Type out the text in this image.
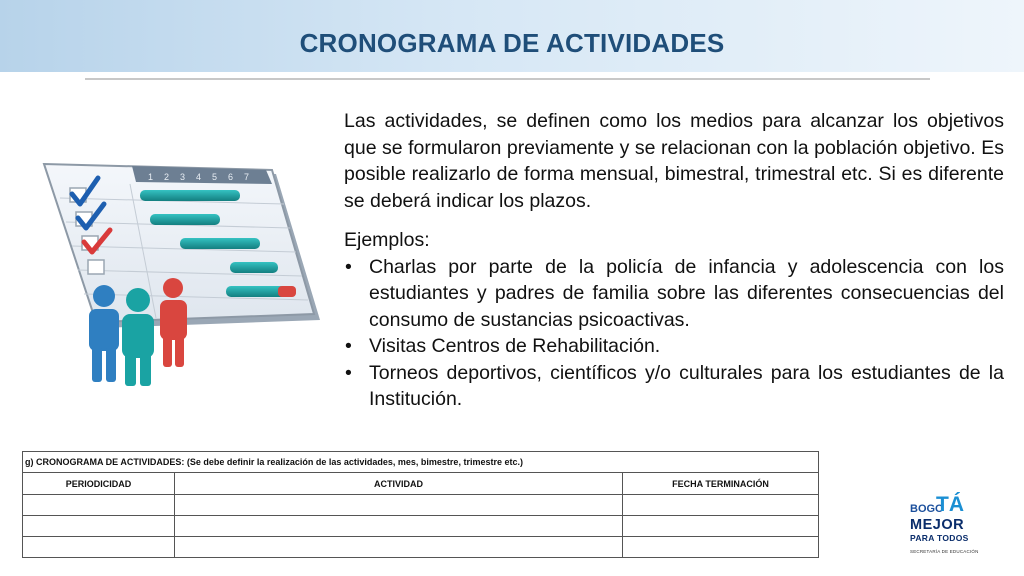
CRONOGRAMA DE ACTIVIDADES
1 2 3 4 5 6 7

Las actividades, se definen como los medios para alcanzar los objetivos que se formularon previamente y se relacionan con la población objetivo. Es posible realizarlo de forma mensual, bimestral, trimestral etc. Si es diferente se deberá indicar los plazos.

Ejemplos:

• Charlas por parte de la policía de infancia y adolescencia con los estudiantes y padres de familia sobre las diferentes consecuencias del consumo de sustancias psicoactivas.
• Visitas Centros de Rehabilitación.
• Torneos deportivos, científicos y/o culturales para los estudiantes de la Institución.
g) CRONOGRAMA DE ACTIVIDADES: (Se debe definir la realización de las actividades, mes, bimestre, trimestre etc.)		
PERIODICIDAD	ACTIVIDAD	FECHA TERMINACIÓN

BOGO
TÁ
MEJOR
PARA TODOS
SECRETARÍA DE EDUCACIÓN
